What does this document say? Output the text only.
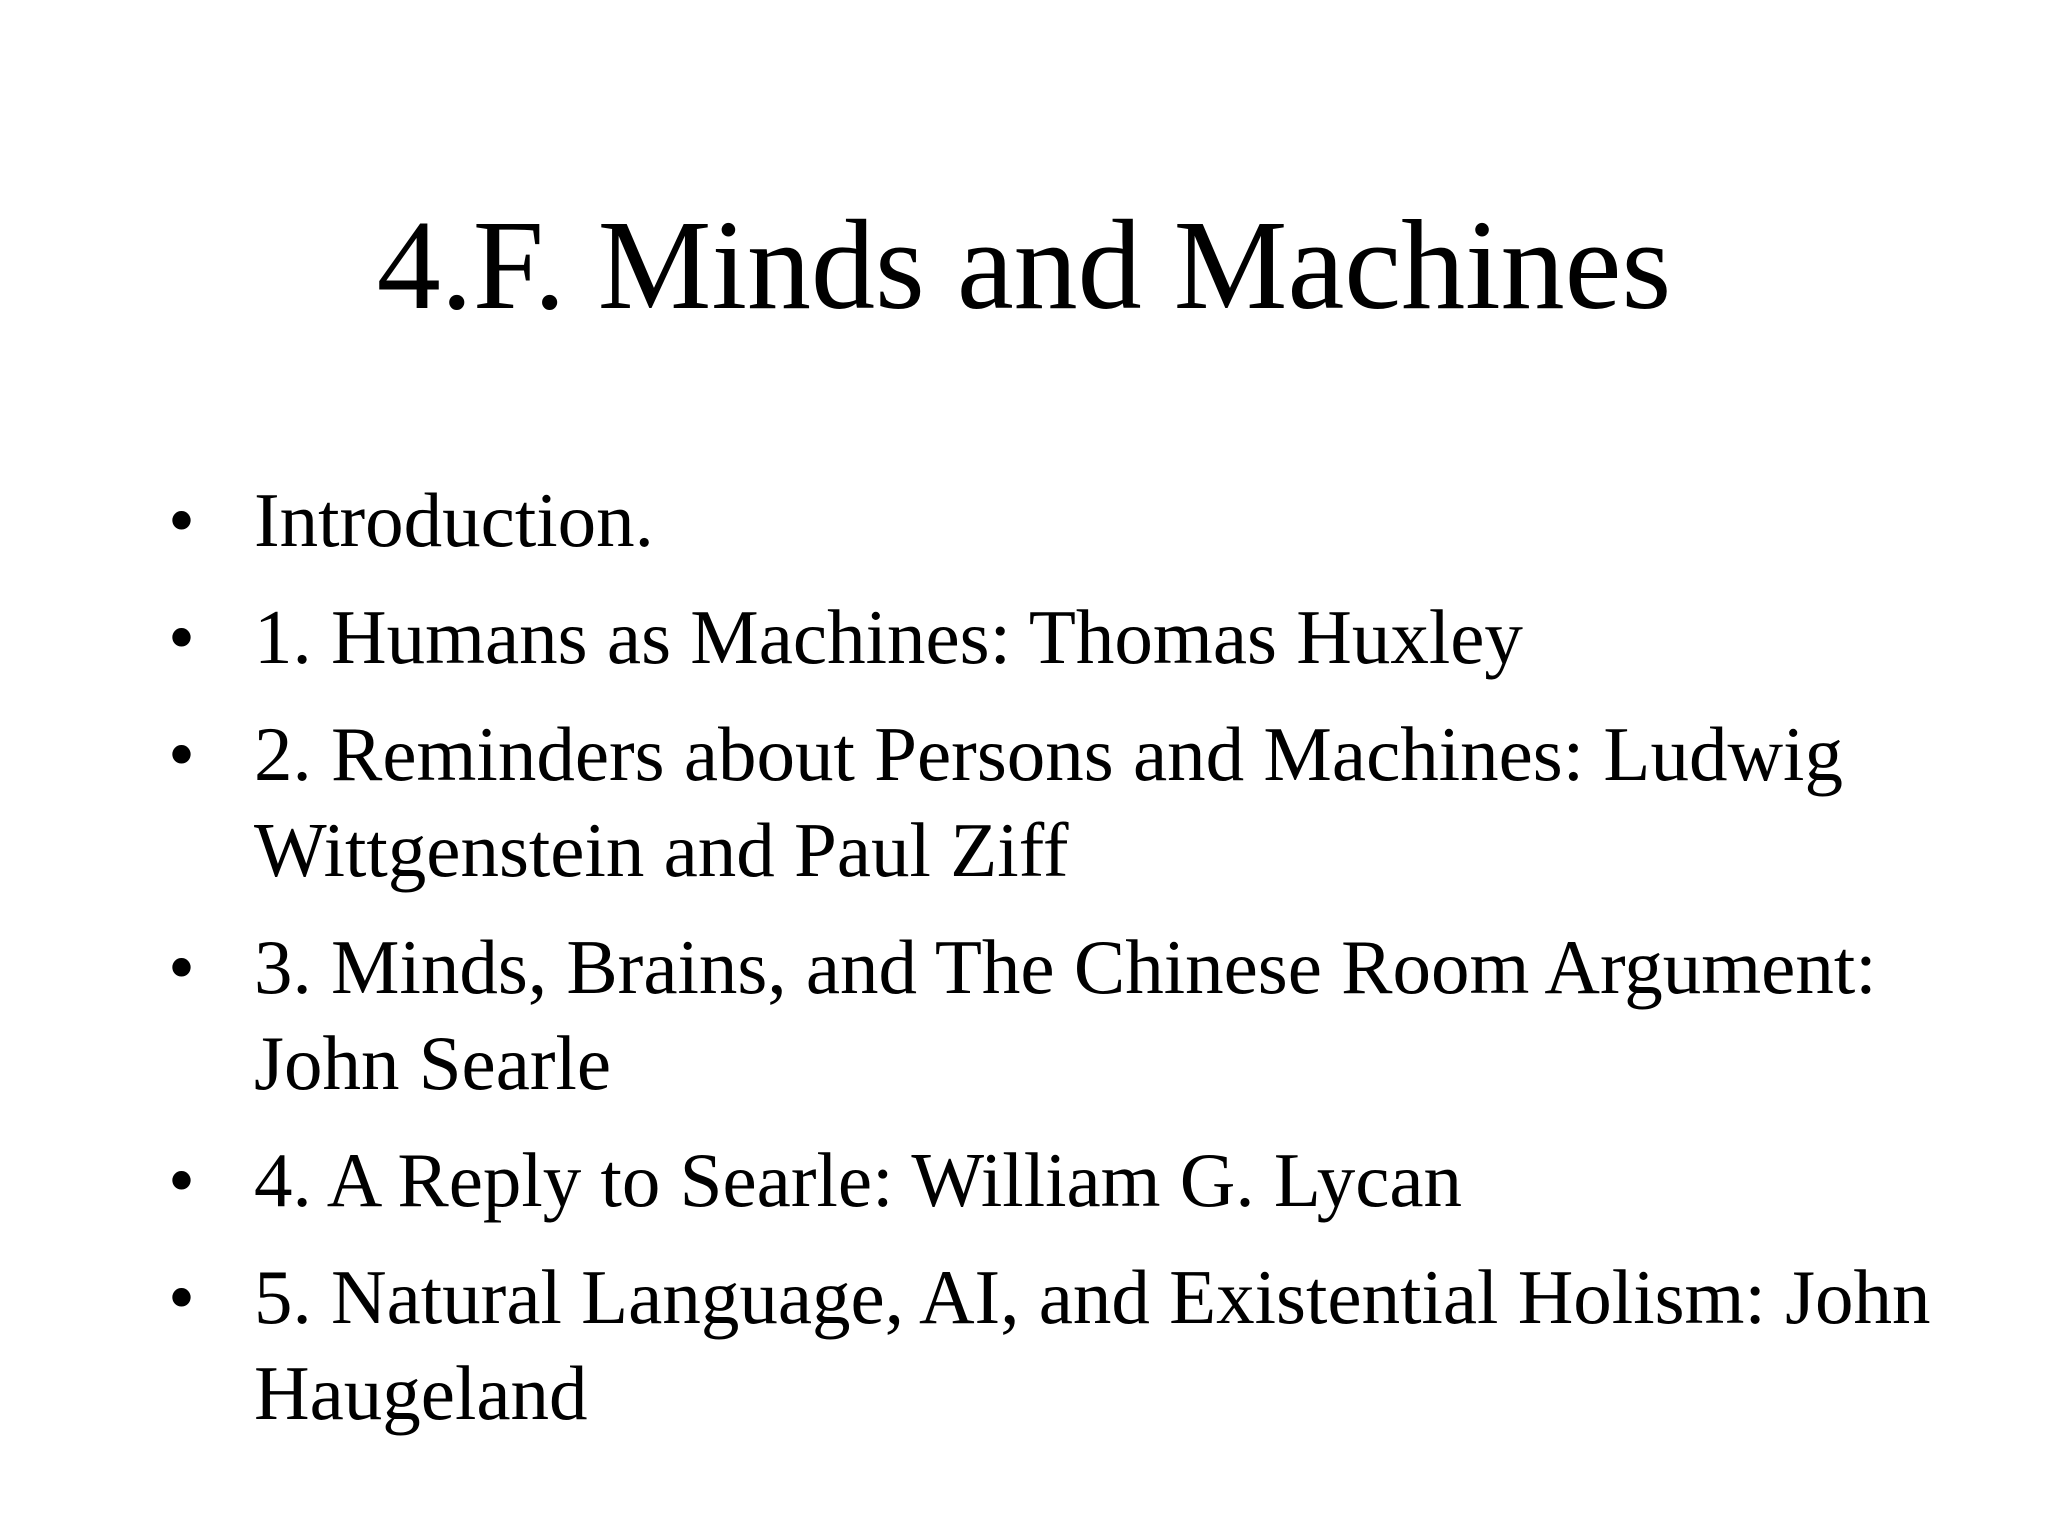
4.F. Minds and Machines
• Introduction.
• 1. Humans as Machines: Thomas Huxley
• 2. Reminders about Persons and Machines: Ludwig Wittgenstein and Paul Ziff
• 3. Minds, Brains, and The Chinese Room Argument: John Searle
• 4. A Reply to Searle: William G. Lycan
• 5. Natural Language, AI, and Existential Holism: John Haugeland
